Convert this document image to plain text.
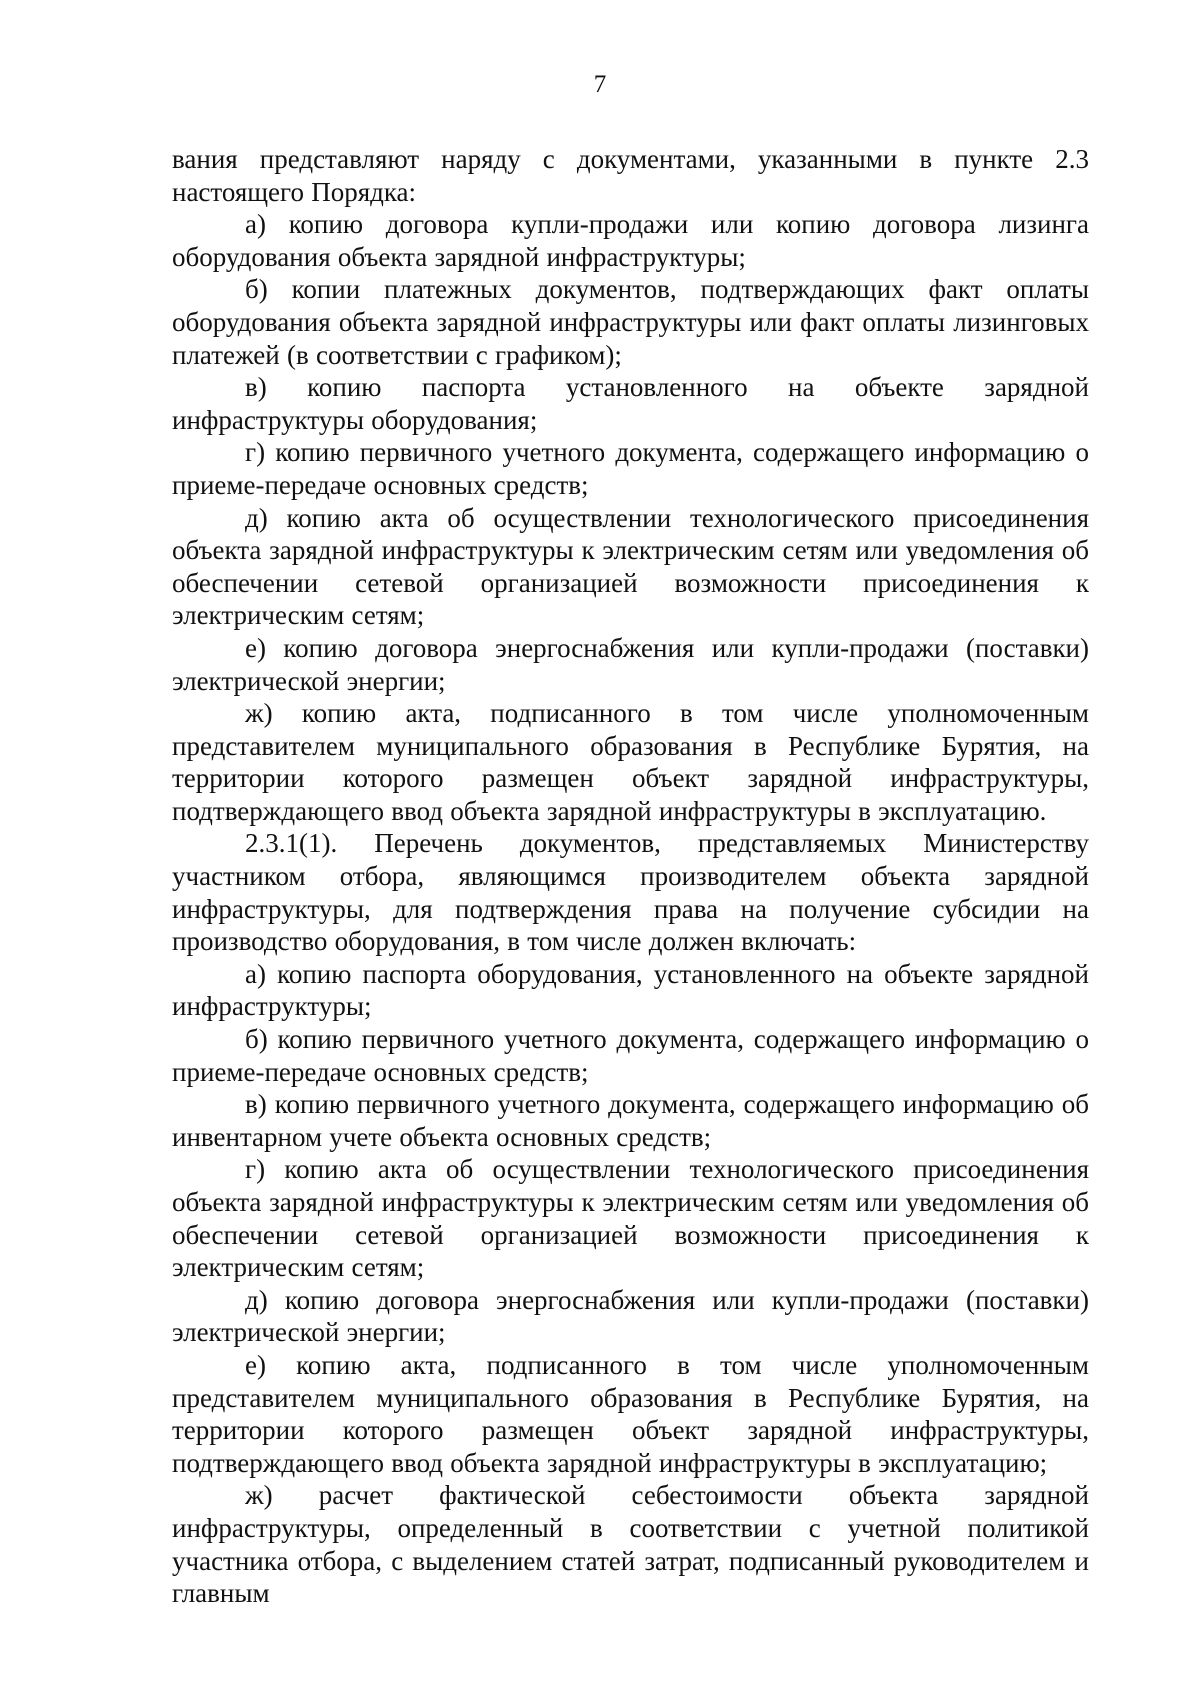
7

вания представляют наряду с документами, указанными в пункте 2.3 настоящего Порядка:

а) копию договора купли-продажи или копию договора лизинга оборудования объекта зарядной инфраструктуры;

б) копии платежных документов, подтверждающих факт оплаты оборудования объекта зарядной инфраструктуры или факт оплаты лизинговых платежей (в соответствии с графиком);

в) копию паспорта установленного на объекте зарядной инфраструктуры оборудования;

г) копию первичного учетного документа, содержащего информацию о приеме-передаче основных средств;

д) копию акта об осуществлении технологического присоединения объекта зарядной инфраструктуры к электрическим сетям или уведомления об обеспечении сетевой организацией возможности присоединения к электрическим сетям;

е) копию договора энергоснабжения или купли-продажи (поставки) электрической энергии;

ж) копию акта, подписанного в том числе уполномоченным представителем муниципального образования в Республике Бурятия, на территории которого размещен объект зарядной инфраструктуры, подтверждающего ввод объекта зарядной инфраструктуры в эксплуатацию.

2.3.1(1). Перечень документов, представляемых Министерству участником отбора, являющимся производителем объекта зарядной инфраструктуры, для подтверждения права на получение субсидии на производство оборудования, в том числе должен включать:

а) копию паспорта оборудования, установленного на объекте зарядной инфраструктуры;

б) копию первичного учетного документа, содержащего информацию о приеме-передаче основных средств;

в) копию первичного учетного документа, содержащего информацию об инвентарном учете объекта основных средств;

г) копию акта об осуществлении технологического присоединения объекта зарядной инфраструктуры к электрическим сетям или уведомления об обеспечении сетевой организацией возможности присоединения к электрическим сетям;

д) копию договора энергоснабжения или купли-продажи (поставки) электрической энергии;

е) копию акта, подписанного в том числе уполномоченным представителем муниципального образования в Республике Бурятия, на территории которого размещен объект зарядной инфраструктуры, подтверждающего ввод объекта зарядной инфраструктуры в эксплуатацию;

ж) расчет фактической себестоимости объекта зарядной инфраструктуры, определенный в соответствии с учетной политикой участника отбора, с выделением статей затрат, подписанный руководителем и главным
